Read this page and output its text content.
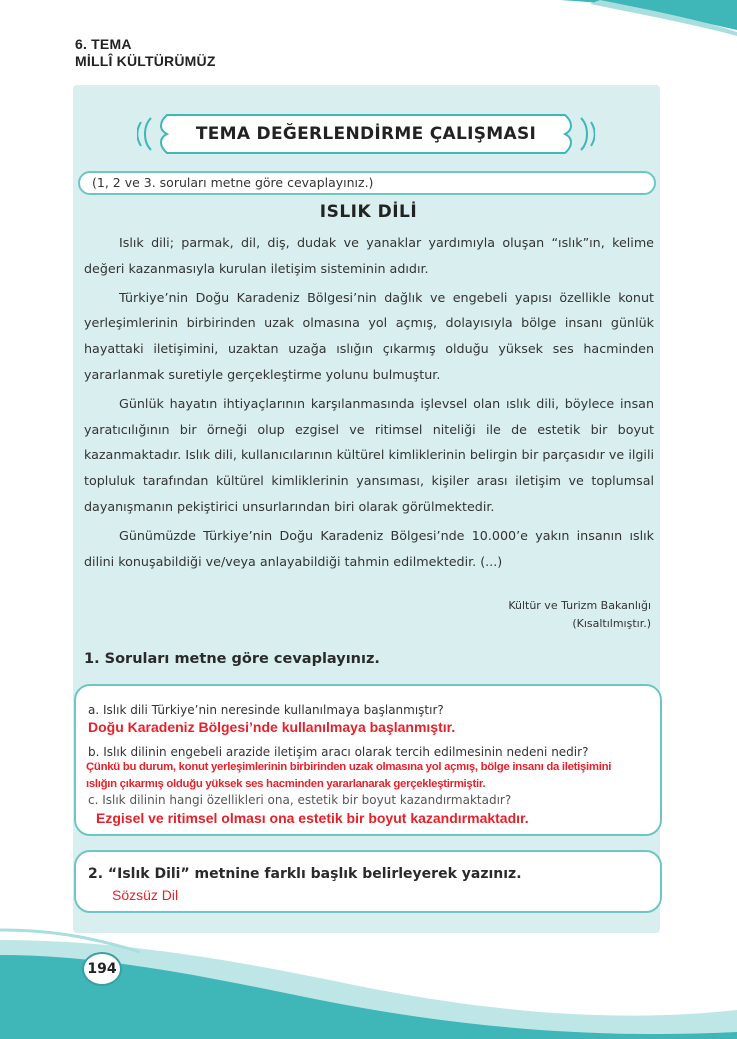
6. TEMA
MİLLÎ KÜLTÜRÜMÜZ
TEMA DEĞERLENDİRME ÇALIŞMASI
(1, 2 ve 3. soruları metne göre cevaplayınız.)
ISLIK DİLİ

Islık dili; parmak, dil, diş, dudak ve yanaklar yardımıyla oluşan “ıslık”ın, kelime değeri kazanmasıyla kurulan iletişim sisteminin adıdır.

Türkiye’nin Doğu Karadeniz Bölgesi’nin dağlık ve engebeli yapısı özellikle konut yerleşimlerinin birbirinden uzak olmasına yol açmış, dolayısıyla bölge insanı günlük hayattaki iletişimini, uzaktan uzağa ıslığın çıkarmış olduğu yüksek ses hacminden yararlanmak suretiyle gerçekleştirme yolunu bulmuştur.

Günlük hayatın ihtiyaçlarının karşılanmasında işlevsel olan ıslık dili, böylece insan yaratıcılığının bir örneği olup ezgisel ve ritimsel niteliği ile de estetik bir boyut kazanmaktadır. Islık dili, kullanıcılarının kültürel kimliklerinin belirgin bir parçasıdır ve ilgili topluluk tarafından kültürel kimliklerinin yansıması, kişiler arası iletişim ve toplumsal dayanışmanın pekiştirici unsurlarından biri olarak görülmektedir.

Günümüzde Türkiye’nin Doğu Karadeniz Bölgesi’nde 10.000’e yakın insanın ıslık dilini konuşabildiği ve/veya anlayabildiği tahmin edilmektedir. (...)

Kültür ve Turizm Bakanlığı
(Kısaltılmıştır.)
1. Soruları metne göre cevaplayınız.
a. Islık dili Türkiye’nin neresinde kullanılmaya başlanmıştır?
Doğu Karadeniz Bölgesi’nde kullanılmaya başlanmıştır.
b. Islık dilinin engebeli arazide iletişim aracı olarak tercih edilmesinin nedeni nedir?
Çünkü bu durum, konut yerleşimlerinin birbirinden uzak olmasına yol açmış, bölge insanı da iletişimini
ıslığın çıkarmış olduğu yüksek ses hacminden yararlanarak gerçekleştirmiştir.
c. Islık dilinin hangi özellikleri ona, estetik bir boyut kazandırmaktadır?
Ezgisel ve ritimsel olması ona estetik bir boyut kazandırmaktadır.
2. “Islık Dili” metnine farklı başlık belirleyerek yazınız.
Sözsüz Dil
194
